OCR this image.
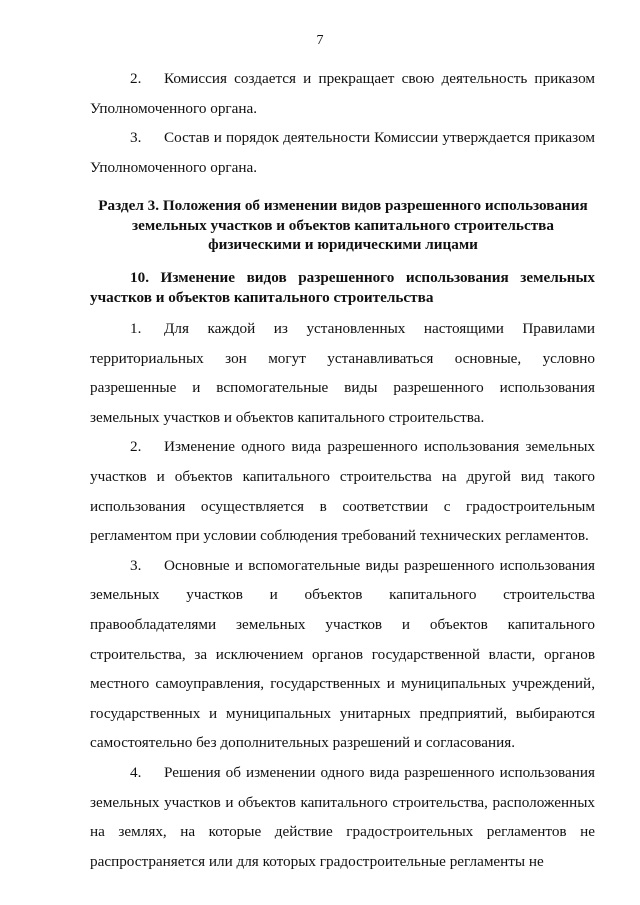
7

2. Комиссия создается и прекращает свою деятельность приказом Уполномоченного органа.

3. Состав и порядок деятельности Комиссии утверждается приказом Уполномоченного органа.

Раздел 3. Положения об изменении видов разрешенного использования земельных участков и объектов капитального строительства физическими и юридическими лицами
10. Изменение видов разрешенного использования земельных участков и объектов капитального строительства

1. Для каждой из установленных настоящими Правилами территориальных зон могут устанавливаться основные, условно разрешенные и вспомогательные виды разрешенного использования земельных участков и объектов капитального строительства.

2. Изменение одного вида разрешенного использования земельных участков и объектов капитального строительства на другой вид такого использования осуществляется в соответствии с градостроительным регламентом при условии соблюдения требований технических регламентов.

3. Основные и вспомогательные виды разрешенного использования земельных участков и объектов капитального строительства правообладателями земельных участков и объектов капитального строительства, за исключением органов государственной власти, органов местного самоуправления, государственных и муниципальных учреждений, государственных и муниципальных унитарных предприятий, выбираются самостоятельно без дополнительных разрешений и согласования.

4. Решения об изменении одного вида разрешенного использования земельных участков и объектов капитального строительства, расположенных на землях, на которые действие градостроительных регламентов не распространяется или для которых градостроительные регламенты не
